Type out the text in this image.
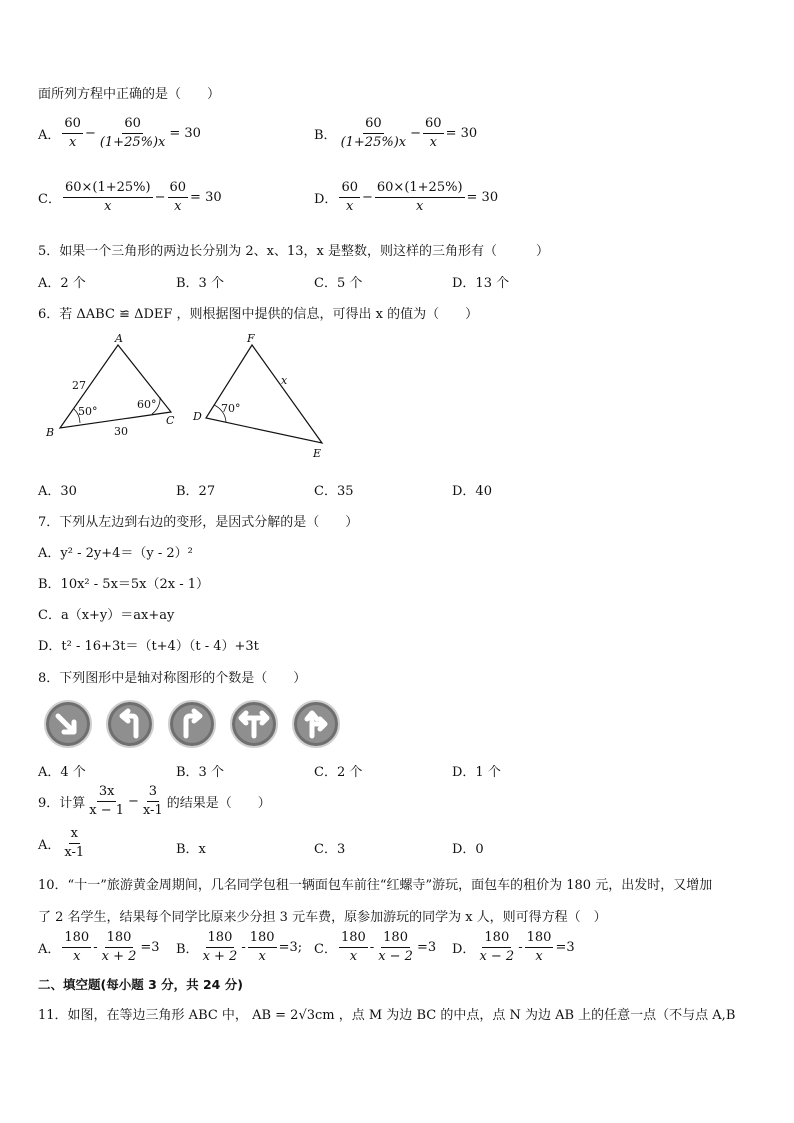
面所列方程中正确的是（　　）
A． $\frac{60}{x} - \frac{60}{(1+25\%)x} = 30$	B． $\frac{60}{(1+25\%)x} - \frac{60}{x} = 30$
C． $\frac{60\times(1+25\%)}{x} - \frac{60}{x} = 30$	D． $\frac{60}{x} - \frac{60\times(1+25\%)}{x} = 30$
5．如果一个三角形的两边长分别为 2、x、13，x 是整数，则这样的三角形有（　　　）
A．2 个	B．3 个	C．5 个	D．13 个
6．若 ΔABC ≌ ΔDEF ，则根据图中提供的信息，可得出 x 的值为（　　）
A
B
C
27
30
50°
60°
F
D
E
x
70°
A．30	B．27	C．35	D．40
7．下列从左边到右边的变形，是因式分解的是（　　）
A．y² - 2y+4＝（y - 2）²
B．10x² - 5x＝5x（2x - 1）
C．a（x+y）＝ax+ay
D．t² - 16+3t＝（t+4）（t - 4）+3t
8．下列图形中是轴对称图形的个数是（　　）
A．4 个	B．3 个	C．2 个	D．1 个
9．计算 $\frac{3x}{x - 1} - \frac{3}{x-1}$ 的结果是（　　）
A． $\frac{x}{x-1}$	B．x	C．3	D．0
10．“十一”旅游黄金周期间，几名同学包租一辆面包车前往“红螺寺”游玩，面包车的租价为 180 元，出发时，又增加
了 2 名学生，结果每个同学比原来少分担 3 元车费，原参加游玩的同学为 x 人，则可得方程（　）
A． $\frac{180}{x} - \frac{180}{x + 2} =3$ B． $\frac{180}{x + 2} - \frac{180}{x} =3$; C． $\frac{180}{x} - \frac{180}{x - 2} =3$ D． $\frac{180}{x - 2} - \frac{180}{x} =3$
二、填空题(每小题 3 分，共 24 分)
11．如图，在等边三角形 ABC 中， AB = 2√3cm ，点 M 为边 BC 的中点，点 N 为边 AB 上的任意一点（不与点 A,B
